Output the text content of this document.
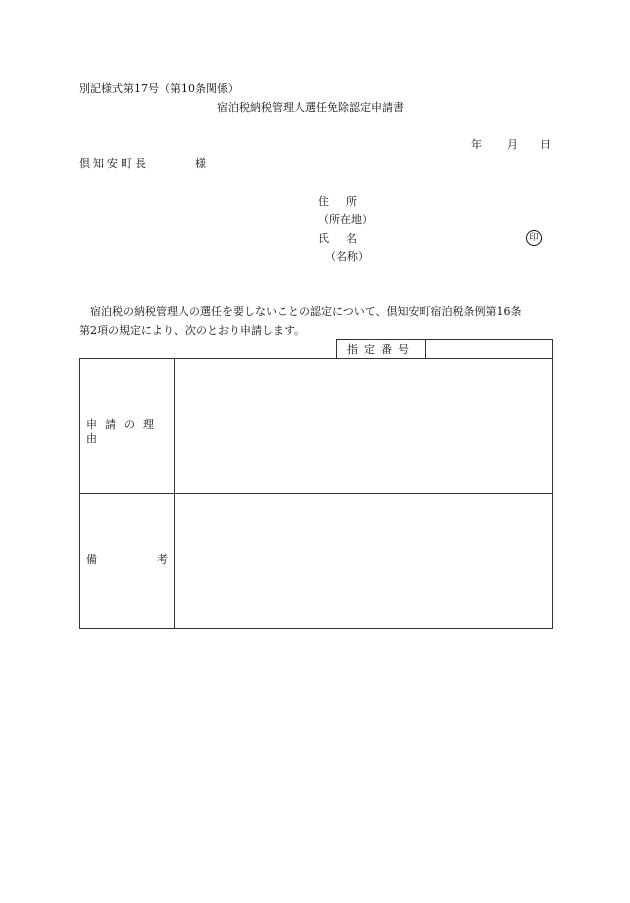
別記様式第17号（第10条関係）
宿泊税納税管理人選任免除認定申請書
年 月 日
倶知安町長	様
住所
（所在地）
氏名
（名称）
印
宿泊税の納税管理人の選任を要しないことの認定について、倶知安町宿泊税条例第16条
第2項の規定により、次のとおり申請します。
指定番号
申請の理由
備	考
